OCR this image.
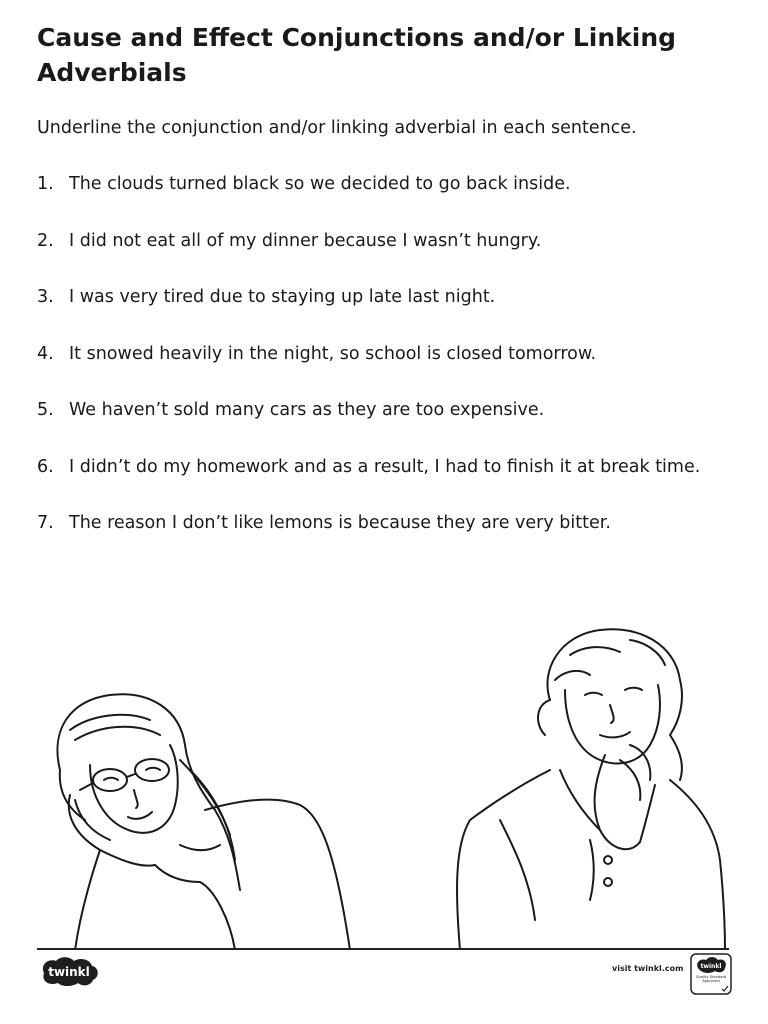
Cause and Effect Conjunctions and/or Linking Adverbials

Underline the conjunction and/or linking adverbial in each sentence.

1. The clouds turned black so we decided to go back inside.
2. I did not eat all of my dinner because I wasn’t hungry.
3. I was very tired due to staying up late last night.
4. It snowed heavily in the night, so school is closed tomorrow.
5. We haven’t sold many cars as they are too expensive.
6. I didn’t do my homework and as a result, I had to finish it at break time.
7. The reason I don’t like lemons is because they are very bitter.
twinkl	visit twinkl.com	twinkl
Quality Standard Approved
